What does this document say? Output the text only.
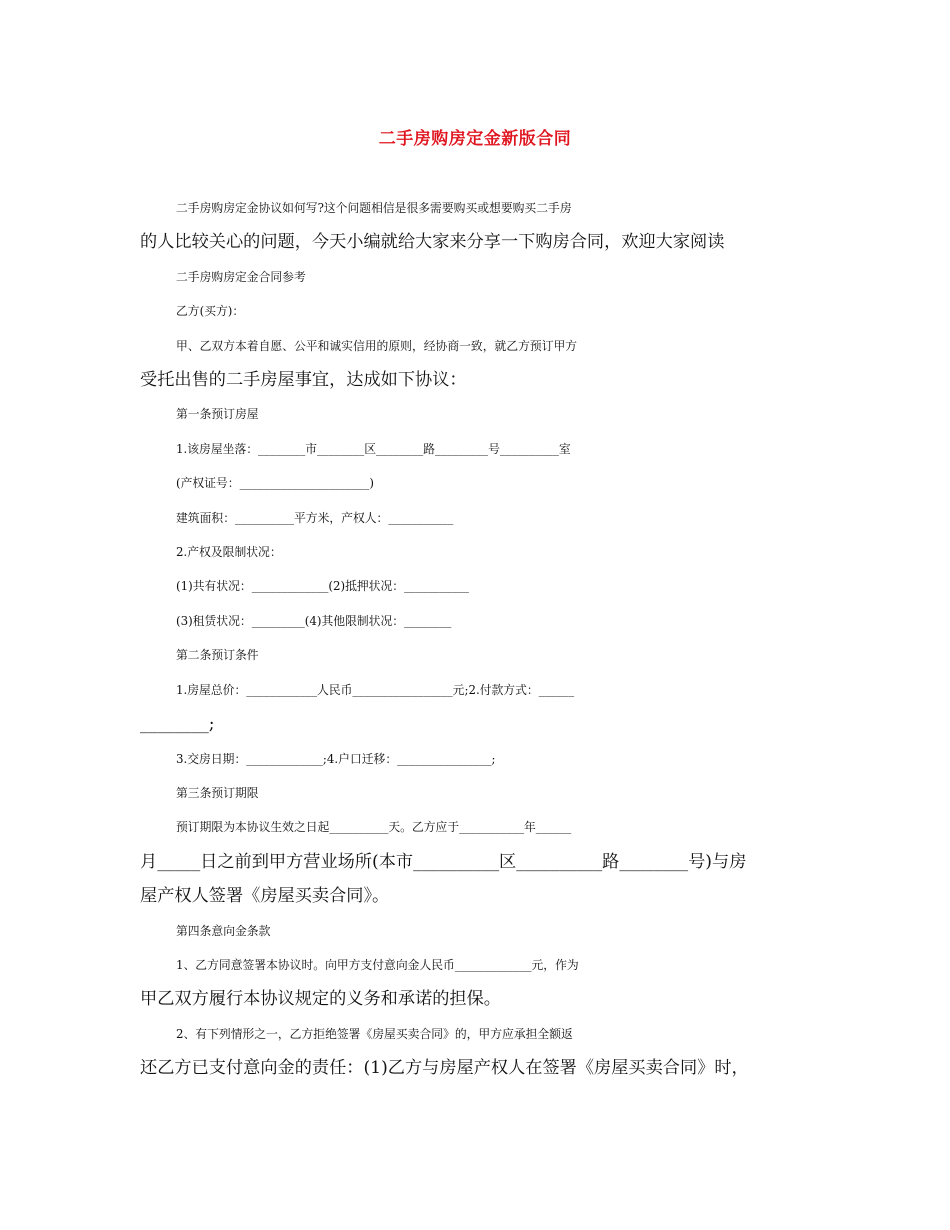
二手房购房定金新版合同

二手房购房定金协议如何写?这个问题相信是很多需要购买或想要购买二手房

的人比较关心的问题，今天小编就给大家来分享一下购房合同，欢迎大家阅读

二手房购房定金合同参考

乙方(买方)：

甲、乙双方本着自愿、公平和诚实信用的原则，经协商一致，就乙方预订甲方

受托出售的二手房屋事宜，达成如下协议：

第一条预订房屋

1.该房屋坐落：________市________区________路_________号__________室

(产权证号：______________________)

建筑面积：__________平方米，产权人：___________

2.产权及限制状况：

(1)共有状况：_____________(2)抵押状况：___________

(3)租赁状况：_________(4)其他限制状况：________

第二条预订条件

1.房屋总价：____________人民币_________________元;2.付款方式：______

________;

3.交房日期：_____________;4.户口迁移：________________;

第三条预订期限

预订期限为本协议生效之日起__________天。乙方应于___________年______

月_____日之前到甲方营业场所(本市__________区__________路________号)与房

屋产权人签署《房屋买卖合同》。

第四条意向金条款

1、乙方同意签署本协议时。向甲方支付意向金人民币_____________元，作为

甲乙双方履行本协议规定的义务和承诺的担保。

2、有下列情形之一，乙方拒绝签署《房屋买卖合同》的，甲方应承担全额返

还乙方已支付意向金的责任：(1)乙方与房屋产权人在签署《房屋买卖合同》时，
